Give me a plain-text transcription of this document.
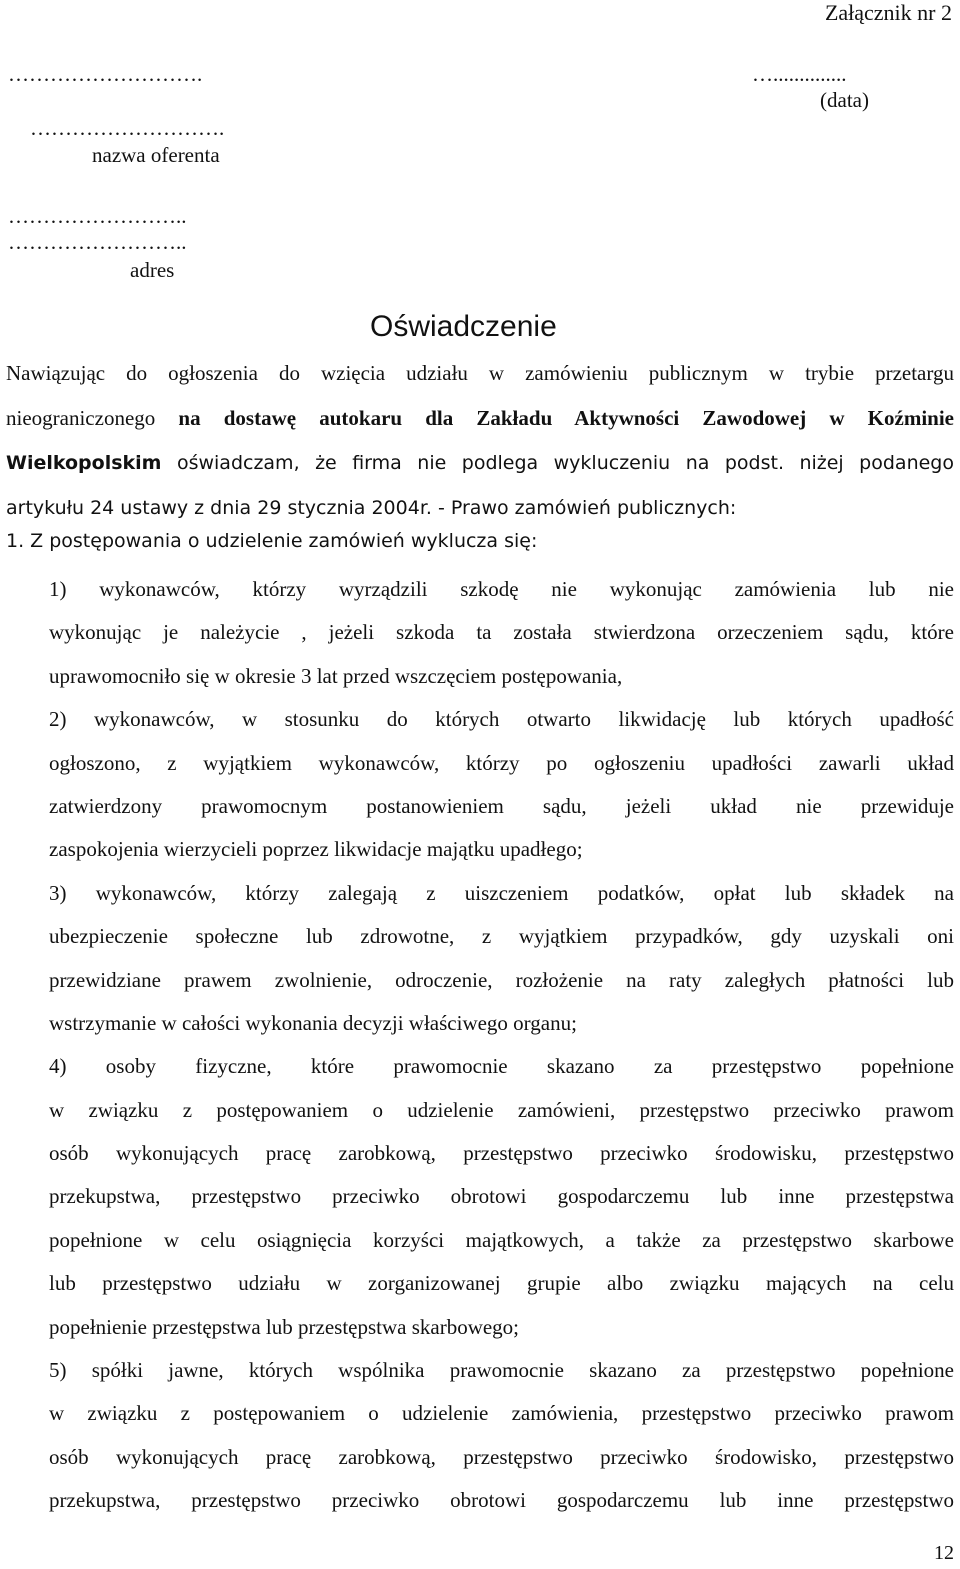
Załącznik nr 2
…..............
(data)
……………………….
……………………….
nazwa oferenta
……………………..
……………………..
adres
Oświadczenie
Nawiązując do ogłoszenia do wzięcia udziału w zamówieniu publicznym w trybie przetargu
nieograniczonego na dostawę autokaru dla Zakładu Aktywności Zawodowej w Koźminie
Wielkopolskim oświadczam, że firma nie podlega wykluczeniu na podst. niżej podanego
artykułu 24 ustawy z dnia 29 stycznia 2004r. - Prawo zamówień publicznych:
1. Z postępowania o udzielenie zamówień wyklucza się:
1) wykonawców, którzy wyrządzili szkodę nie wykonując zamówienia lub nie
wykonując je należycie , jeżeli szkoda ta została stwierdzona orzeczeniem sądu, które
uprawomocniło się w okresie 3 lat przed wszczęciem postępowania,
2) wykonawców, w stosunku do których otwarto likwidację lub których upadłość
ogłoszono, z wyjątkiem wykonawców, którzy po ogłoszeniu upadłości zawarli układ
zatwierdzony prawomocnym postanowieniem sądu, jeżeli układ nie przewiduje
zaspokojenia wierzycieli poprzez likwidacje majątku upadłego;
3) wykonawców, którzy zalegają z uiszczeniem podatków, opłat lub składek na
ubezpieczenie społeczne lub zdrowotne, z wyjątkiem przypadków, gdy uzyskali oni
przewidziane prawem zwolnienie, odroczenie, rozłożenie na raty zaległych płatności lub
wstrzymanie w całości wykonania decyzji właściwego organu;
4) osoby fizyczne, które prawomocnie skazano za przestępstwo popełnione
w związku z postępowaniem o udzielenie zamówieni, przestępstwo przeciwko prawom
osób wykonujących pracę zarobkową, przestępstwo przeciwko środowisku, przestępstwo
przekupstwa, przestępstwo przeciwko obrotowi gospodarczemu lub inne przestępstwa
popełnione w celu osiągnięcia korzyści majątkowych, a także za przestępstwo skarbowe
lub przestępstwo udziału w zorganizowanej grupie albo związku mających na celu
popełnienie przestępstwa lub przestępstwa skarbowego;
5) spółki jawne, których wspólnika prawomocnie skazano za przestępstwo popełnione
w związku z postępowaniem o udzielenie zamówienia, przestępstwo przeciwko prawom
osób wykonujących pracę zarobkową, przestępstwo przeciwko środowisko, przestępstwo
przekupstwa, przestępstwo przeciwko obrotowi gospodarczemu lub inne przestępstwo
12
